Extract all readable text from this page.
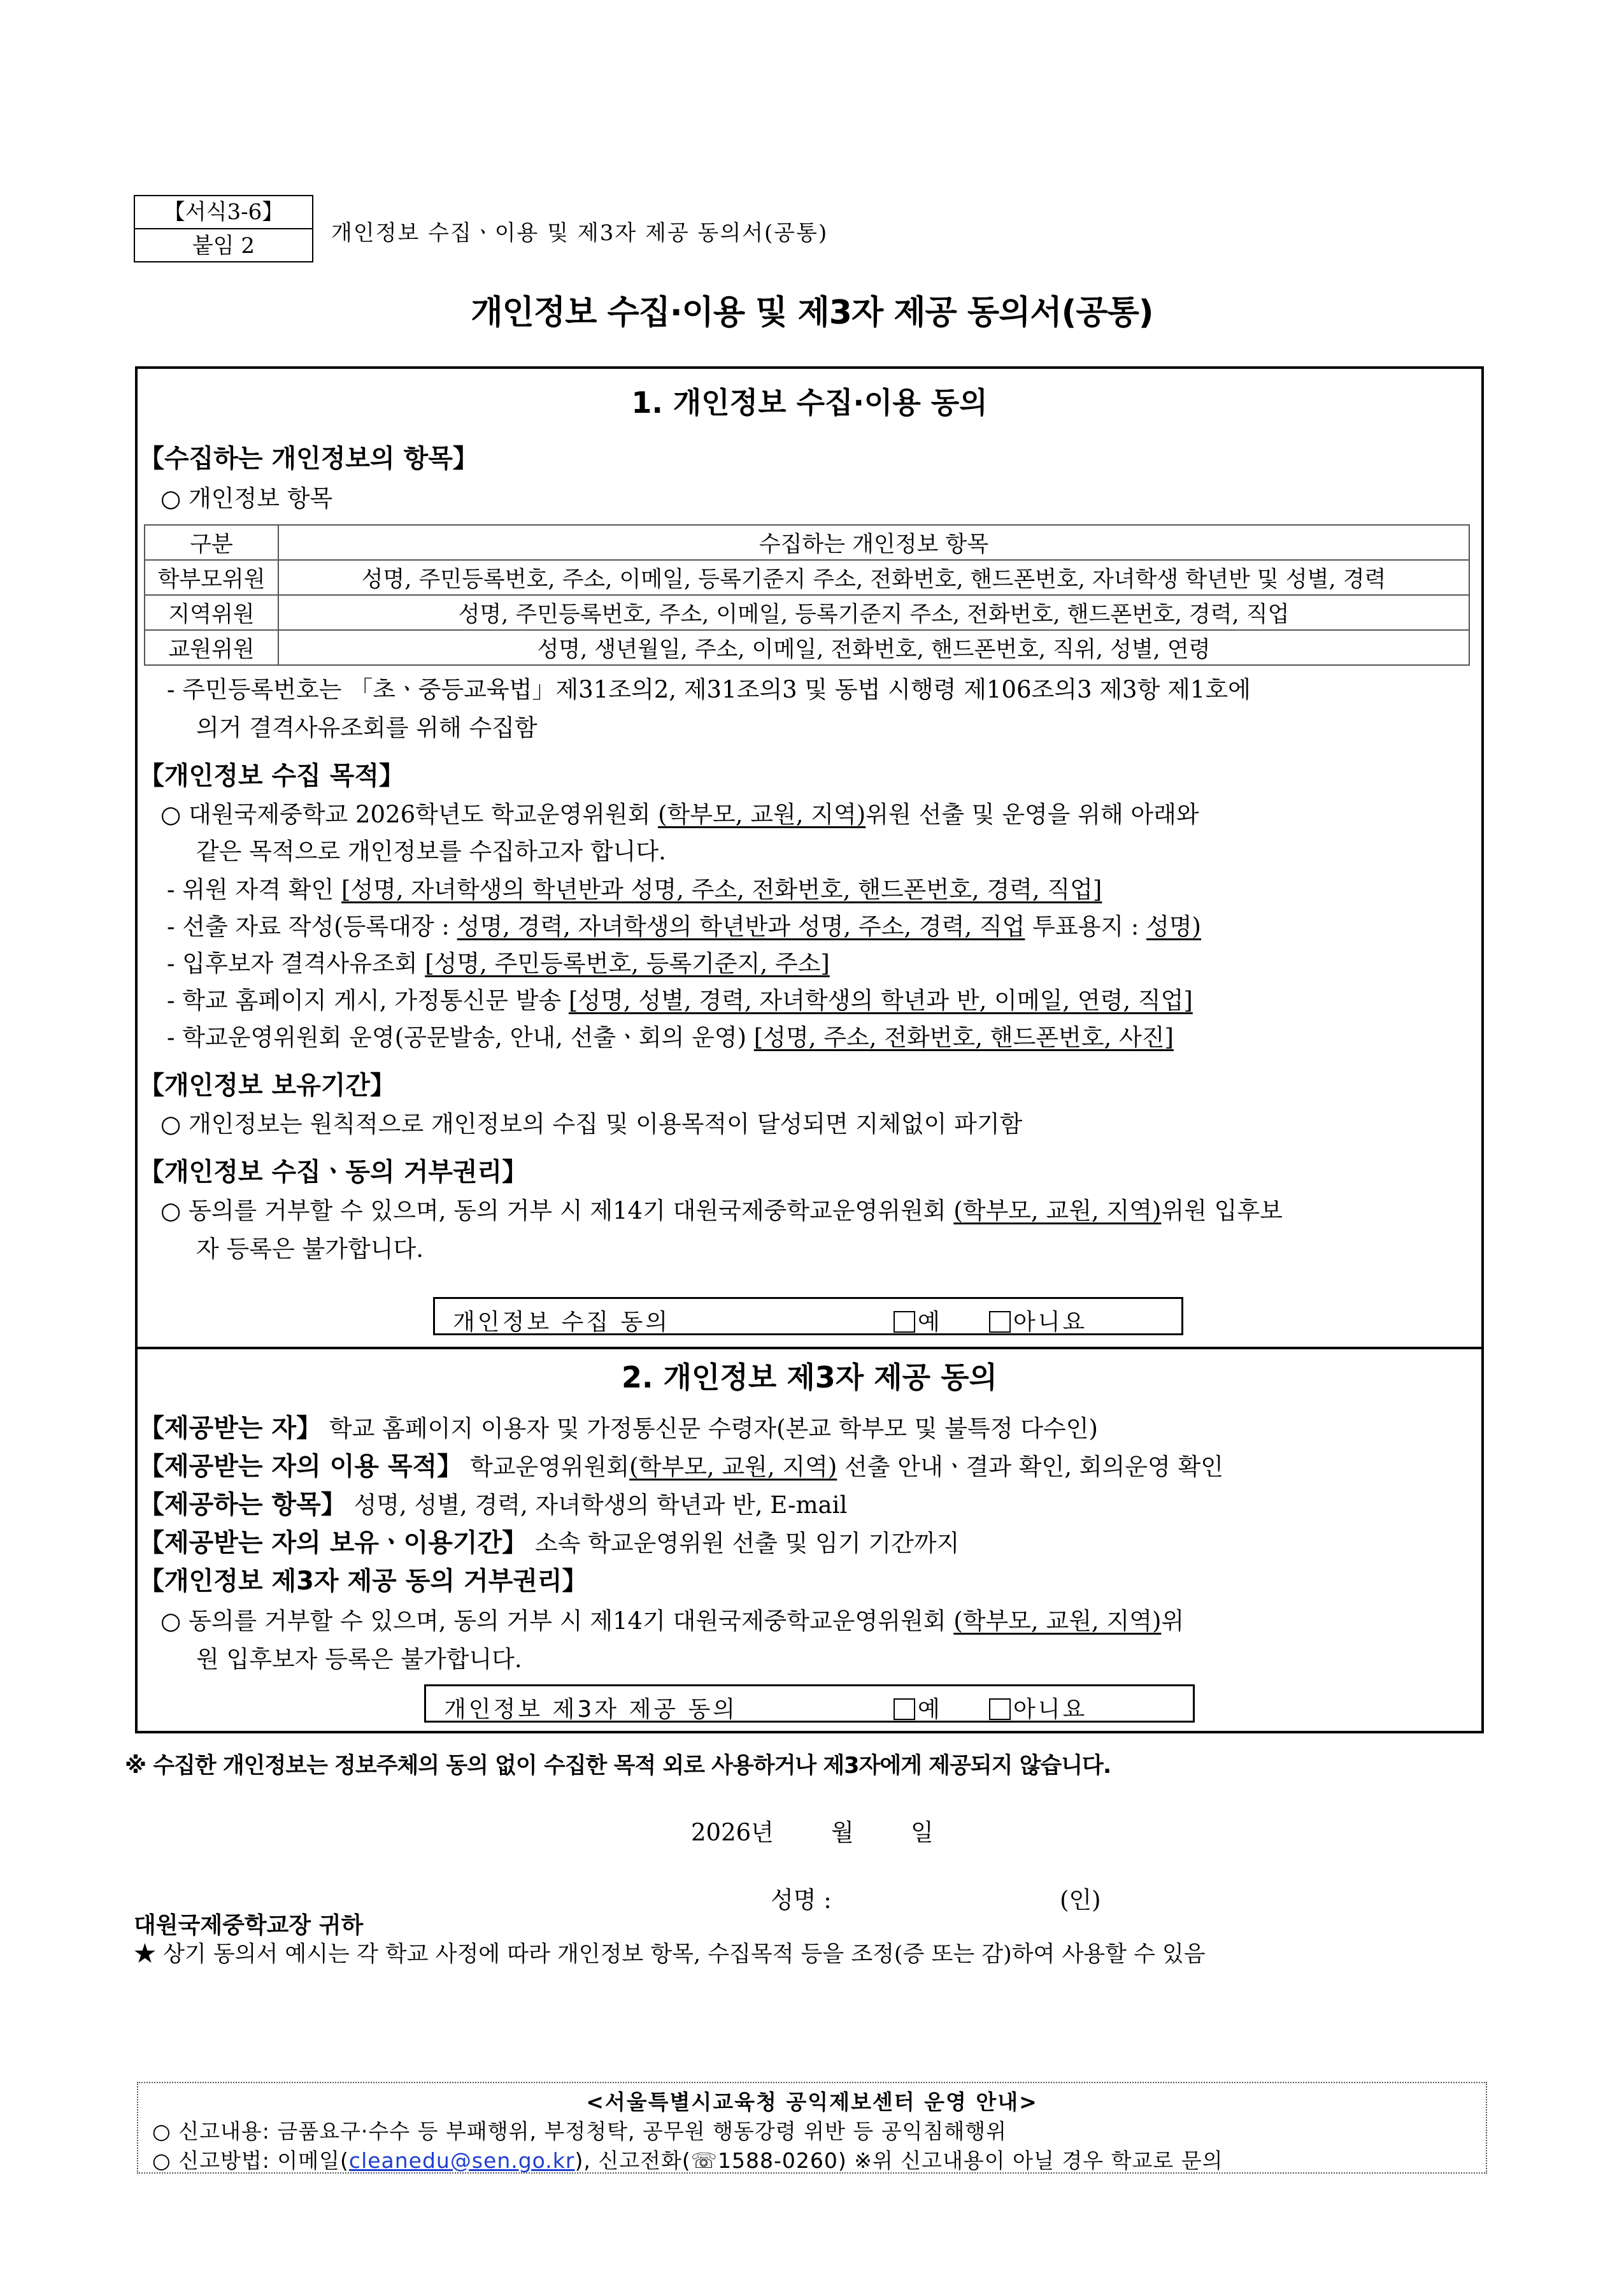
【서식3-6】
붙임 2	개인정보 수집ㆍ이용 및 제3자 제공 동의서(공통)
개인정보 수집·이용 및 제3자 제공 동의서(공통)
1. 개인정보 수집·이용 동의
【수집하는 개인정보의 항목】
○ 개인정보 항목
구분	수집하는 개인정보 항목
학부모위원	성명, 주민등록번호, 주소, 이메일, 등록기준지 주소, 전화번호, 핸드폰번호, 자녀학생 학년반 및 성별, 경력
지역위원	성명, 주민등록번호, 주소, 이메일, 등록기준지 주소, 전화번호, 핸드폰번호, 경력, 직업
교원위원	성명, 생년월일, 주소, 이메일, 전화번호, 핸드폰번호, 직위, 성별, 연령
- 주민등록번호는 「초ㆍ중등교육법」제31조의2, 제31조의3 및 동법 시행령 제106조의3 제3항 제1호에
의거 결격사유조회를 위해 수집함
【개인정보 수집 목적】
○ 대원국제중학교 2026학년도 학교운영위원회 (학부모, 교원, 지역)위원 선출 및 운영을 위해 아래와
같은 목적으로 개인정보를 수집하고자 합니다.
- 위원 자격 확인 [성명, 자녀학생의 학년반과 성명, 주소, 전화번호, 핸드폰번호, 경력, 직업]
- 선출 자료 작성(등록대장 : 성명, 경력, 자녀학생의 학년반과 성명, 주소, 경력, 직업 투표용지 : 성명)
- 입후보자 결격사유조회 [성명, 주민등록번호, 등록기준지, 주소]
- 학교 홈페이지 게시, 가정통신문 발송 [성명, 성별, 경력, 자녀학생의 학년과 반, 이메일, 연령, 직업]
- 학교운영위원회 운영(공문발송, 안내, 선출ㆍ회의 운영) [성명, 주소, 전화번호, 핸드폰번호, 사진]
【개인정보 보유기간】
○ 개인정보는 원칙적으로 개인정보의 수집 및 이용목적이 달성되면 지체없이 파기함
【개인정보 수집ㆍ동의 거부권리】
○ 동의를 거부할 수 있으며, 동의 거부 시 제14기 대원국제중학교운영위원회 (학부모, 교원, 지역)위원 입후보
자 등록은 불가합니다.
개인정보 수집 동의	예	아니요
2. 개인정보 제3자 제공 동의
【제공받는 자】 학교 홈페이지 이용자 및 가정통신문 수령자(본교 학부모 및 불특정 다수인)
【제공받는 자의 이용 목적】 학교운영위원회(학부모, 교원, 지역) 선출 안내ㆍ결과 확인, 회의운영 확인
【제공하는 항목】 성명, 성별, 경력, 자녀학생의 학년과 반, E-mail
【제공받는 자의 보유ㆍ이용기간】 소속 학교운영위원 선출 및 임기 기간까지
【개인정보 제3자 제공 동의 거부권리】
○ 동의를 거부할 수 있으며, 동의 거부 시 제14기 대원국제중학교운영위원회 (학부모, 교원, 지역)위
원 입후보자 등록은 불가합니다.
개인정보 제3자 제공 동의	예	아니요
※ 수집한 개인정보는 정보주체의 동의 없이 수집한 목적 외로 사용하거나 제3자에게 제공되지 않습니다.
2026년 월 일
성명 :	(인)
대원국제중학교장 귀하
★ 상기 동의서 예시는 각 학교 사정에 따라 개인정보 항목, 수집목적 등을 조정(증 또는 감)하여 사용할 수 있음
<서울특별시교육청 공익제보센터 운영 안내>
○ 신고내용: 금품요구·수수 등 부패행위, 부정청탁, 공무원 행동강령 위반 등 공익침해행위
○ 신고방법: 이메일(cleanedu@sen.go.kr), 신고전화(☏1588-0260) ※위 신고내용이 아닐 경우 학교로 문의
